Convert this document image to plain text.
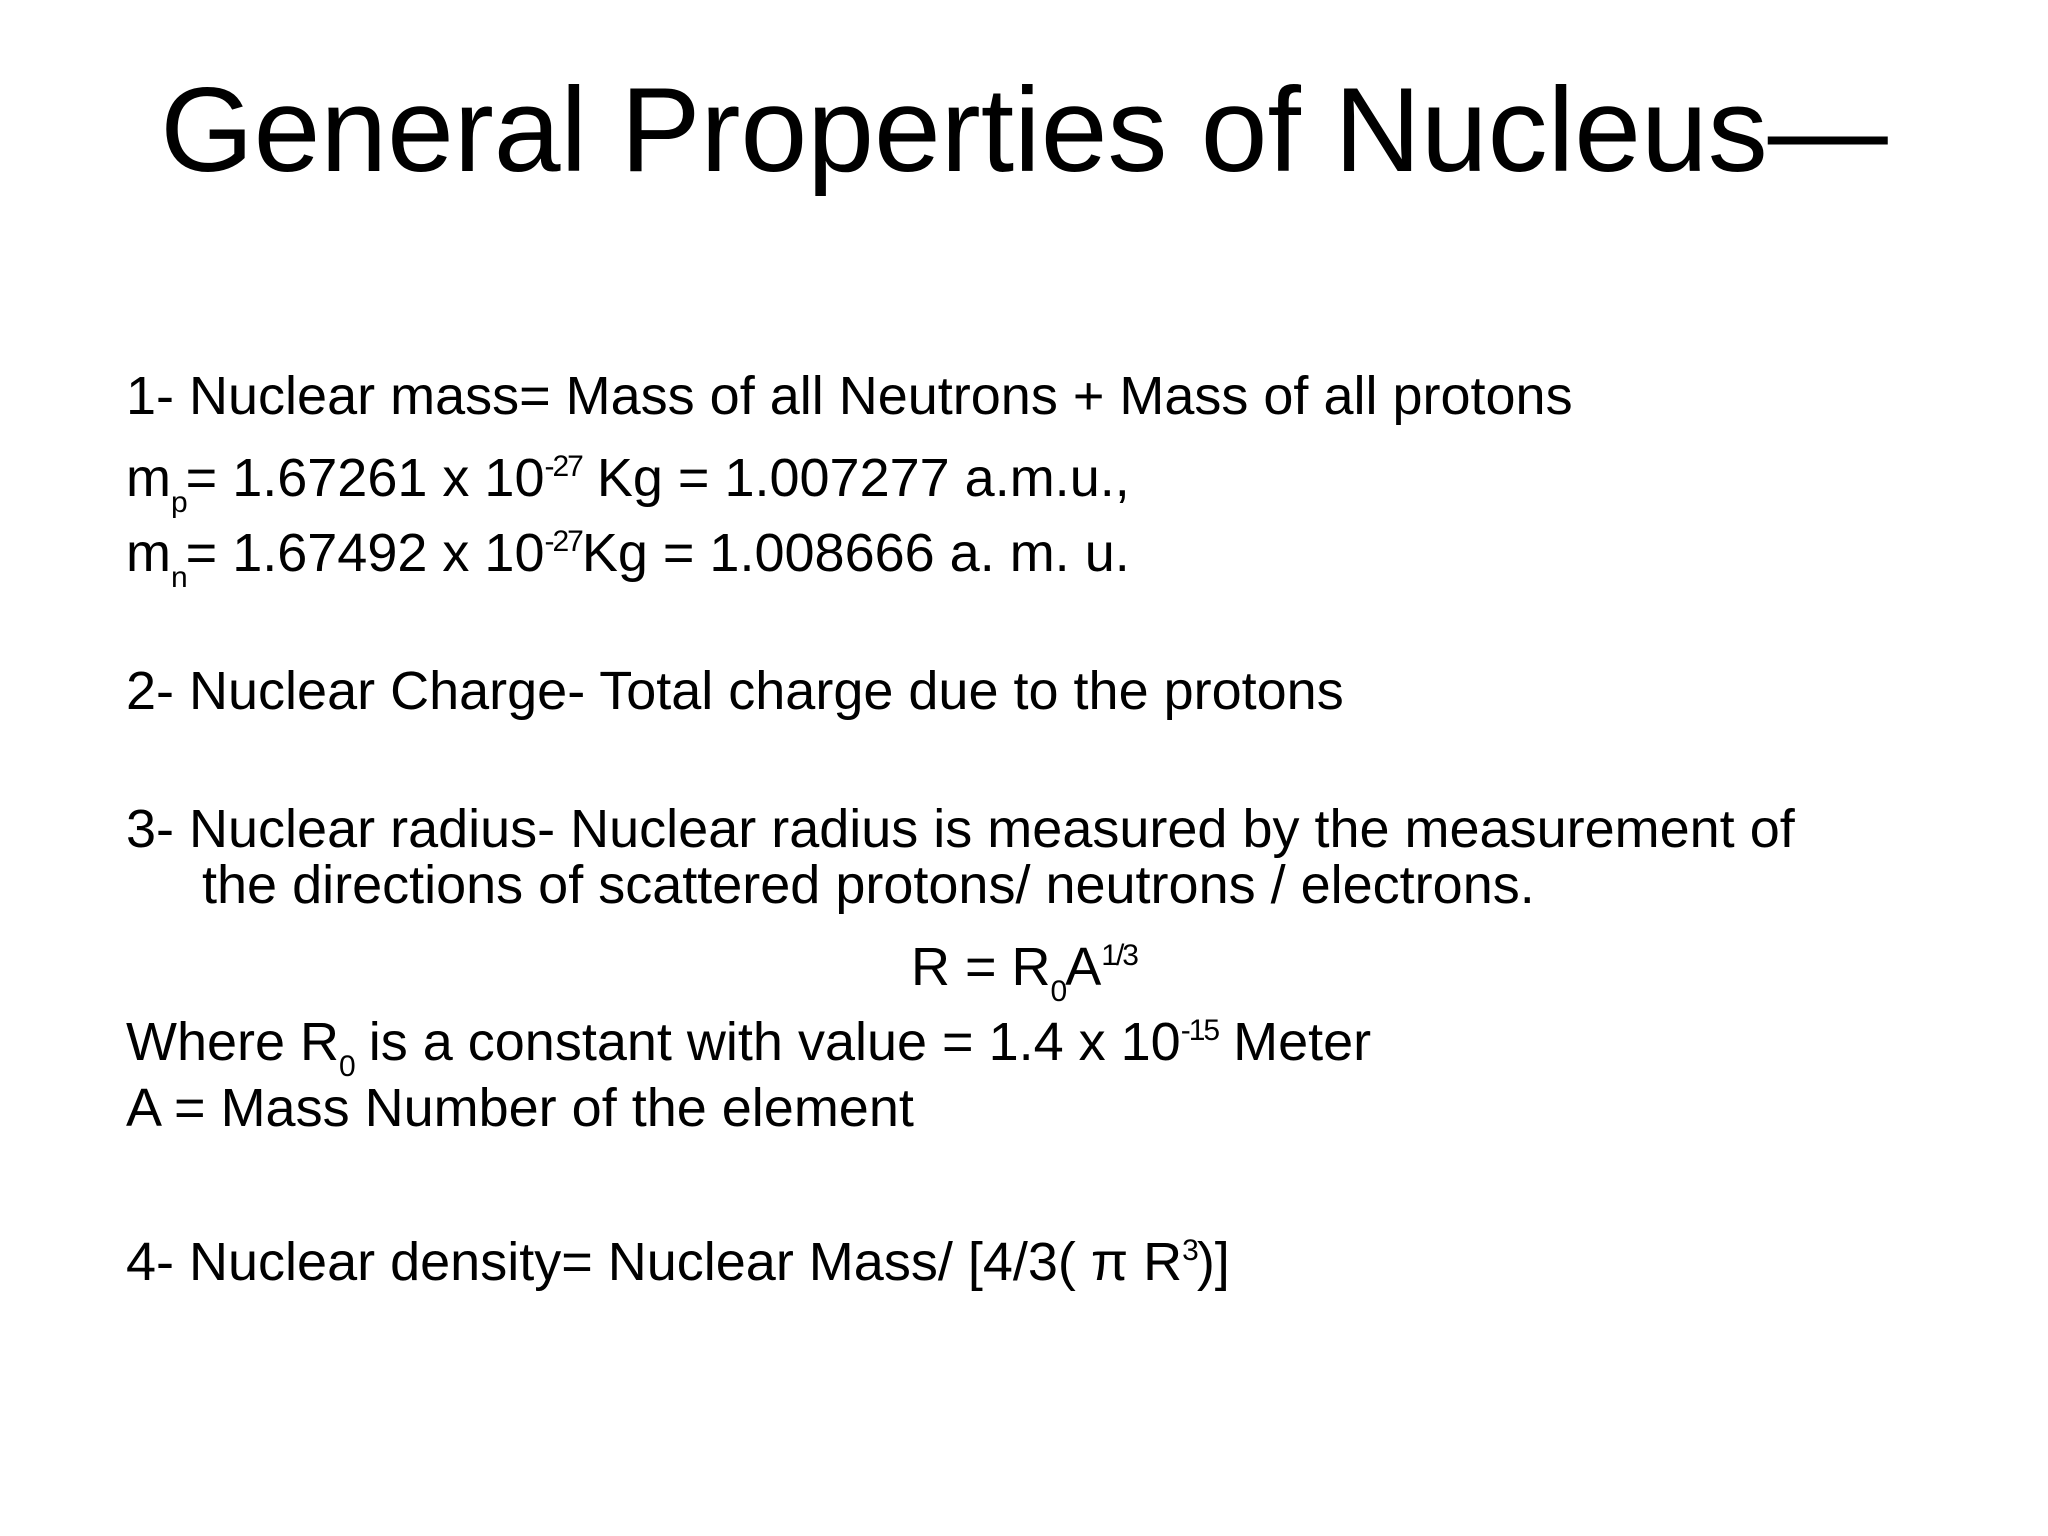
General Properties of Nucleus—
1- Nuclear mass= Mass of all Neutrons + Mass of all protons
$m_p= 1.67261$ x $10^{-27}$ Kg = 1.007277 a.m.u.,
$m_n= 1.67492$ x $10^{-27}Kg = 1.008666$ a. m. u.
2- Nuclear Charge- Total charge due to the protons
3- Nuclear radius- Nuclear radius is measured by the measurement of
the directions of scattered protons/ neutrons / electrons.
$R = R_0A^{1/3}$
Where $R_0$ is a constant with value = 1.4 x $10^{-15}$ Meter
A = Mass Number of the element
4- Nuclear density= Nuclear Mass/ [4/3( π $R^3$)]
